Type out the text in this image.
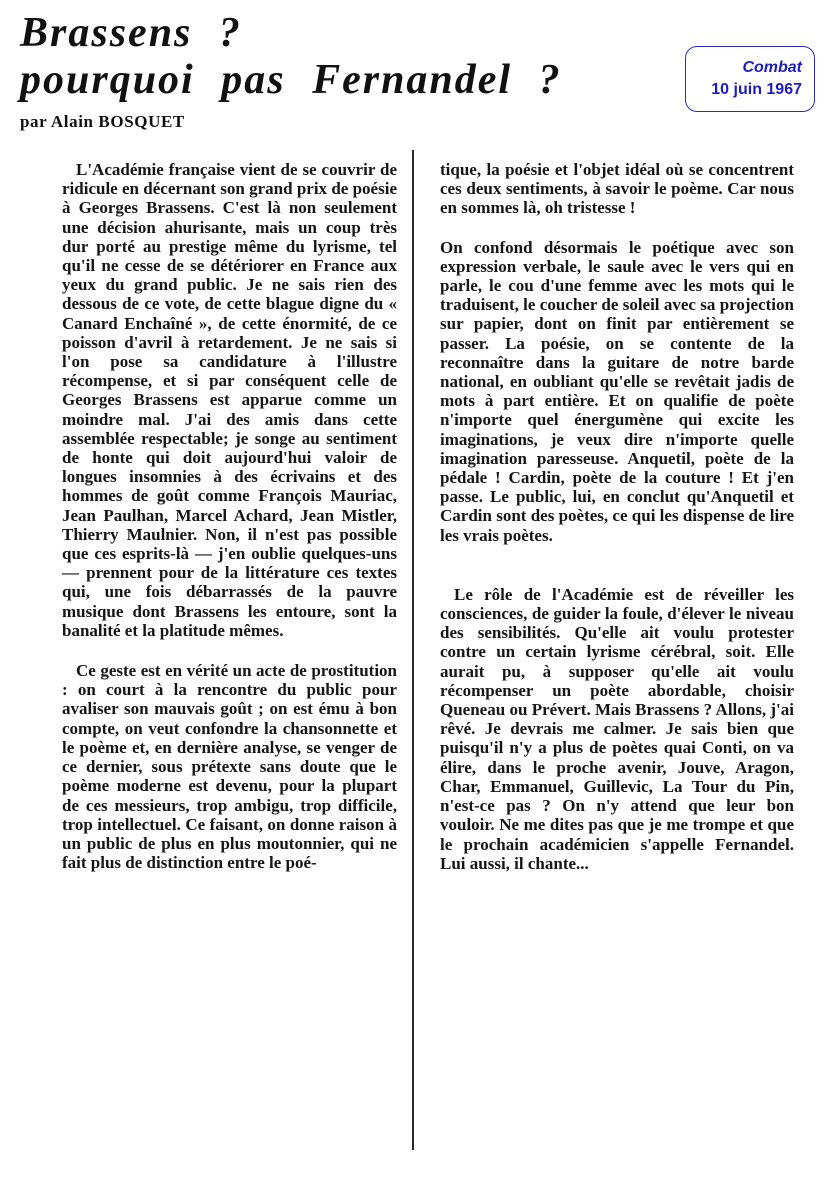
Brassens ?
pourquoi pas Fernandel ?
par Alain BOSQUET
Combat
10 juin 1967

L'Académie française vient de se couvrir de ridicule en décernant son grand prix de poésie à Georges Brassens. C'est là non seulement une décision ahurisante, mais un coup très dur porté au prestige même du lyrisme, tel qu'il ne cesse de se détériorer en France aux yeux du grand public. Je ne sais rien des dessous de ce vote, de cette blague digne du « Canard Enchaîné », de cette énormité, de ce poisson d'avril à retardement. Je ne sais si l'on pose sa candidature à l'illustre récompense, et si par conséquent celle de Georges Brassens est apparue comme un moindre mal. J'ai des amis dans cette assemblée respectable; je songe au sentiment de honte qui doit aujourd'hui valoir de longues insomnies à des écrivains et des hommes de goût comme François Mauriac, Jean Paulhan, Marcel Achard, Jean Mistler, Thierry Maulnier. Non, il n'est pas possible que ces esprits-là — j'en oublie quelques-uns — prennent pour de la littérature ces textes qui, une fois débarrassés de la pauvre musique dont Brassens les entoure, sont la banalité et la platitude mêmes.

Ce geste est en vérité un acte de prostitution : on court à la rencontre du public pour avaliser son mauvais goût ; on est ému à bon compte, on veut confondre la chansonnette et le poème et, en dernière analyse, se venger de ce dernier, sous prétexte sans doute que le poème moderne est devenu, pour la plupart de ces messieurs, trop ambigu, trop difficile, trop intellectuel. Ce faisant, on donne raison à un public de plus en plus moutonnier, qui ne fait plus de distinction entre le poé-

tique, la poésie et l'objet idéal où se concentrent ces deux sentiments, à savoir le poème. Car nous en sommes là, oh tristesse !

On confond désormais le poétique avec son expression verbale, le saule avec le vers qui en parle, le cou d'une femme avec les mots qui le traduisent, le coucher de soleil avec sa projection sur papier, dont on finit par entièrement se passer. La poésie, on se contente de la reconnaître dans la guitare de notre barde national, en oubliant qu'elle se revêtait jadis de mots à part entière. Et on qualifie de poète n'importe quel énergumène qui excite les imaginations, je veux dire n'importe quelle imagination paresseuse. Anquetil, poète de la pédale ! Cardin, poète de la couture ! Et j'en passe. Le public, lui, en conclut qu'Anquetil et Cardin sont des poètes, ce qui les dispense de lire les vrais poètes.

Le rôle de l'Académie est de réveiller les consciences, de guider la foule, d'élever le niveau des sensibilités. Qu'elle ait voulu protester contre un certain lyrisme cérébral, soit. Elle aurait pu, à supposer qu'elle ait voulu récompenser un poète abordable, choisir Queneau ou Prévert. Mais Brassens ? Allons, j'ai rêvé. Je devrais me calmer. Je sais bien que puisqu'il n'y a plus de poètes quai Conti, on va élire, dans le proche avenir, Jouve, Aragon, Char, Emmanuel, Guillevic, La Tour du Pin, n'est-ce pas ? On n'y attend que leur bon vouloir. Ne me dites pas que je me trompe et que le prochain académicien s'appelle Fernandel. Lui aussi, il chante...
